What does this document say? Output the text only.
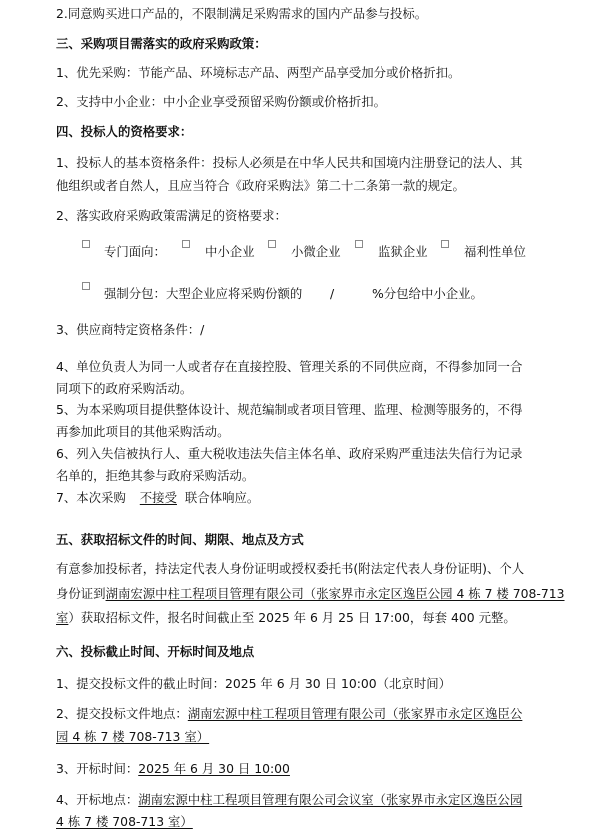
2.同意购买进口产品的，不限制满足采购需求的国内产品参与投标。
三、采购项目需落实的政府采购政策：
1、优先采购：节能产品、环境标志产品、两型产品享受加分或价格折扣。
2、支持中小企业：中小企业享受预留采购份额或价格折扣。
四、投标人的资格要求：
1、投标人的基本资格条件：投标人必须是在中华人民共和国境内注册登记的法人、其
他组织或者自然人，且应当符合《政府采购法》第二十二条第一款的规定。
2、落实政府采购政策需满足的资格要求：
专门面向：	中小企业	小微企业	监狱企业	福利性单位
强制分包： 大型企业应将采购份额的 /	%分包给中小企业。
3、供应商特定资格条件：/
4、单位负责人为同一人或者存在直接控股、管理关系的不同供应商，不得参加同一合
同项下的政府采购活动。
5、为本采购项目提供整体设计、规范编制或者项目管理、监理、检测等服务的，不得
再参加此项目的其他采购活动。
6、列入失信被执行人、重大税收违法失信主体名单、政府采购严重违法失信行为记录
名单的，拒绝其参与政府采购活动。
7、本次采购 不接受 联合体响应。
五、获取招标文件的时间、期限、地点及方式
有意参加投标者，持法定代表人身份证明或授权委托书(附法定代表人身份证明)、个人
身份证到湖南宏源中柱工程项目管理有限公司（张家界市永定区逸臣公园 4 栋 7 楼 708-713
室）获取招标文件，报名时间截止至 2025 年 6 月 25 日 17:00，每套 400 元整。
六、投标截止时间、开标时间及地点
1、提交投标文件的截止时间：2025 年 6 月 30 日 10:00（北京时间）
2、提交投标文件地点：湖南宏源中柱工程项目管理有限公司（张家界市永定区逸臣公
园 4 栋 7 楼 708-713 室）
3、开标时间：2025 年 6 月 30 日 10:00
4、开标地点：湖南宏源中柱工程项目管理有限公司会议室（张家界市永定区逸臣公园
4 栋 7 楼 708-713 室）
